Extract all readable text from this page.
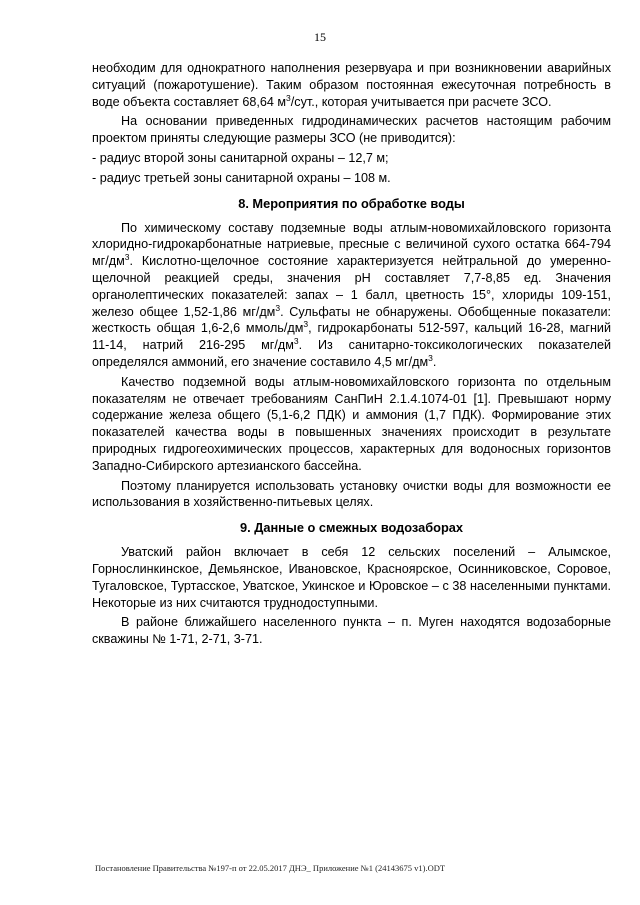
15

необходим для однократного наполнения резервуара и при возникновении аварийных ситуаций (пожаротушение). Таким образом постоянная ежесуточная потребность в воде объекта составляет 68,64 $м^3$/сут., которая учитывается при расчете ЗСО.

На основании приведенных гидродинамических расчетов настоящим рабочим проектом приняты следующие размеры ЗСО (не приводится):

- радиус второй зоны санитарной охраны – 12,7 м;

- радиус третьей зоны санитарной охраны – 108 м.

8. Мероприятия по обработке воды

По химическому составу подземные воды атлым-новомихайловского горизонта хлоридно-гидрокарбонатные натриевые, пресные с величиной сухого остатка 664-794 $мг/дм^3$. Кислотно-щелочное состояние характеризуется нейтральной до умеренно-щелочной реакцией среды, значения pH составляет 7,7-8,85 ед. Значения органолептических показателей: запах – 1 балл, цветность 15°, хлориды 109-151, железо общее 1,52-1,86 $мг/дм^3$. Сульфаты не обнаружены. Обобщенные показатели: жесткость общая 1,6-2,6 ммоль/$дм^3$, гидрокарбонаты 512-597, кальций 16-28, магний 11-14, натрий 216-295 $мг/дм^3$. Из санитарно-токсикологических показателей определялся аммоний, его значение составило 4,5 $мг/дм^3$.

Качество подземной воды атлым-новомихайловского горизонта по отдельным показателям не отвечает требованиям СанПиН 2.1.4.1074-01 [1]. Превышают норму содержание железа общего (5,1-6,2 ПДК) и аммония (1,7 ПДК). Формирование этих показателей качества воды в повышенных значениях происходит в результате природных гидрогеохимических процессов, характерных для водоносных горизонтов Западно-Сибирского артезианского бассейна.

Поэтому планируется использовать установку очистки воды для возможности ее использования в хозяйственно-питьевых целях.

9. Данные о смежных водозаборах

Уватский район включает в себя 12 сельских поселений – Алымское, Горнослинкинское, Демьянское, Ивановское, Красноярское, Осинниковское, Соровое, Тугаловское, Туртасское, Уватское, Укинское и Юровское – с 38 населенными пунктами. Некоторые из них считаются труднодоступными.

В районе ближайшего населенного пункта – п. Муген находятся водозаборные скважины № 1-71, 2-71, 3-71.

Постановление Правительства №197-п от 22.05.2017 ДНЭ_ Приложение №1 (24143675 v1).ODT
